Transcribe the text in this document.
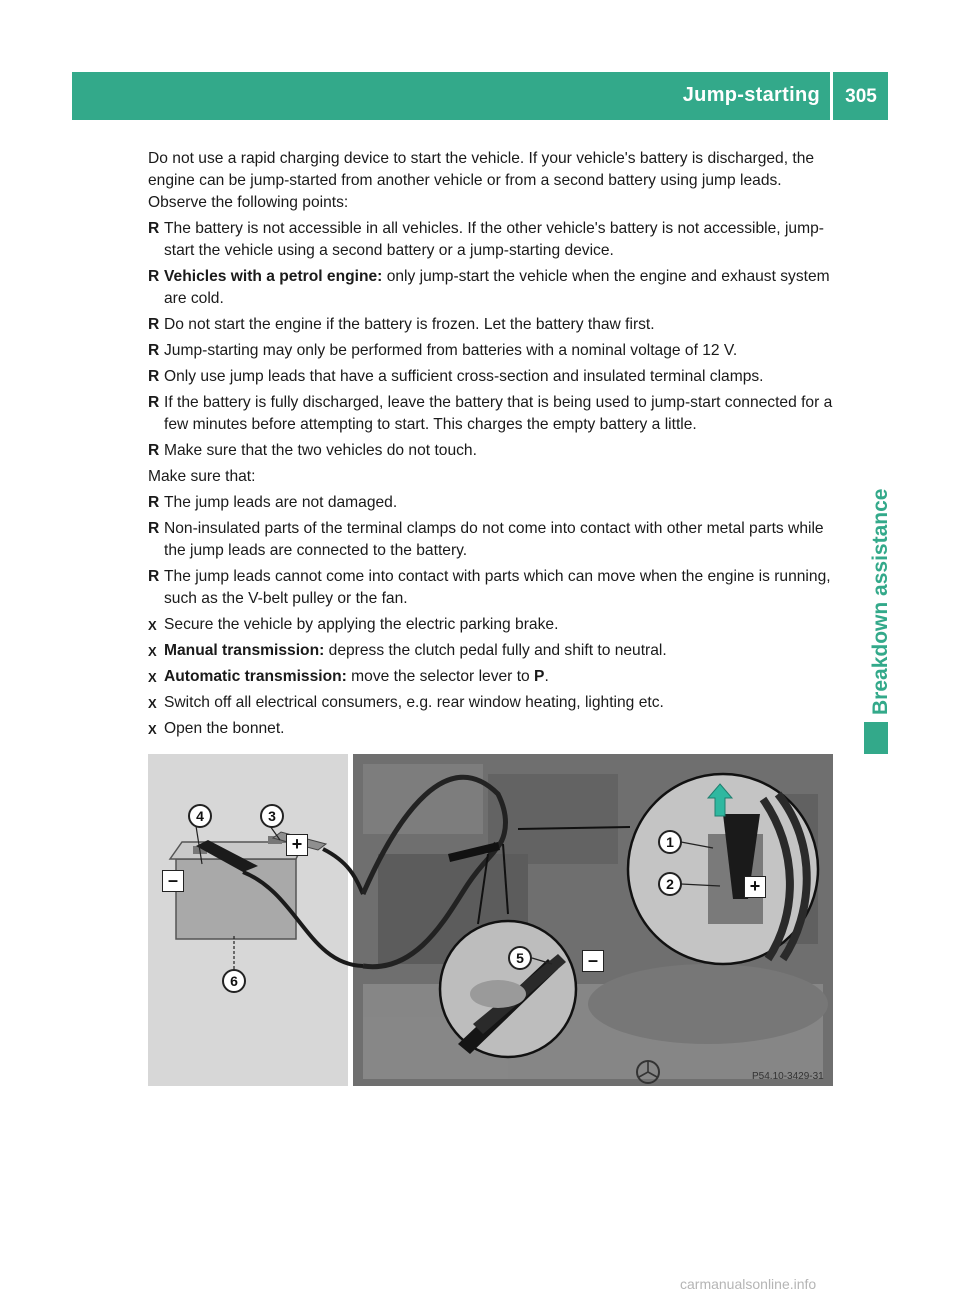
Jump-starting	305
Breakdown assistance

Do not use a rapid charging device to start the vehicle. If your vehicle's battery is discharged, the engine can be jump-started from another vehicle or from a second battery using jump leads. Observe the following points:

R The battery is not accessible in all vehicles. If the other vehicle's battery is not accessible, jump-start the vehicle using a second battery or a jump-starting device.
R Vehicles with a petrol engine: only jump-start the vehicle when the engine and exhaust system are cold.
R Do not start the engine if the battery is frozen. Let the battery thaw first.
R Jump-starting may only be performed from batteries with a nominal voltage of 12 V.
R Only use jump leads that have a sufficient cross-section and insulated terminal clamps.
R If the battery is fully discharged, leave the battery that is being used to jump-start connected for a few minutes before attempting to start. This charges the empty battery a little.
R Make sure that the two vehicles do not touch.

Make sure that:

R The jump leads are not damaged.
R Non-insulated parts of the terminal clamps do not come into contact with other metal parts while the jump leads are connected to the battery.
R The jump leads cannot come into contact with parts which can move when the engine is running, such as the V-belt pulley or the fan.
X Secure the vehicle by applying the electric parking brake.
X Manual transmission: depress the clutch pedal fully and shift to neutral.
X Automatic transmission: move the selector lever to P.
X Switch off all electrical consumers, e.g. rear window heating, lighting etc.
X Open the bonnet.
4	3
6
1
2
5
+
–	+
–
P54.10-3429-31
carmanualsonline.info
